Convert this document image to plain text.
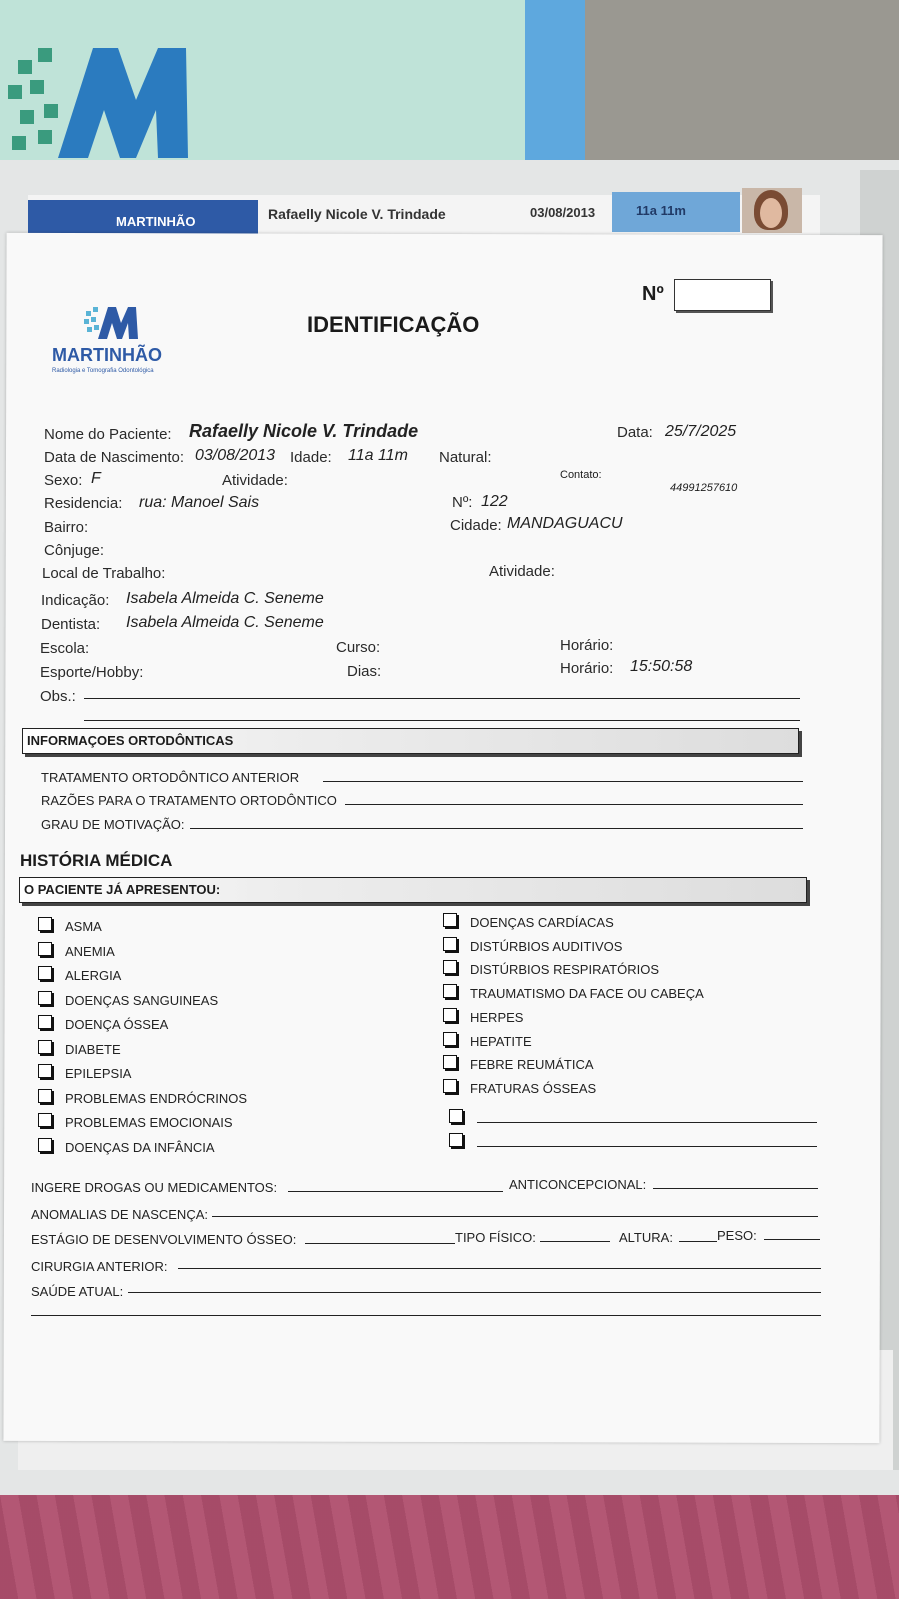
MARTINHÃO	Rafaelly Nicole V. Trindade	03/08/2013	11a 11m
MARTINHÃO
Radiologia e Tomografia Odontológica
IDENTIFICAÇÃO
Nº
Nome do Paciente: Rafaelly Nicole V. Trindade	Data: 25/7/2025
Data de Nascimento: 03/08/2013 Idade: 11a 11m Natural:
Sexo: F	Atividade:	Contato:
44991257610
Residencia: rua: Manoel Sais	Nº: 122
Bairro:	Cidade: MANDAGUACU
Cônjuge:
Local de Trabalho:	Atividade:
Indicação: Isabela Almeida C. Seneme
Dentista: Isabela Almeida C. Seneme
Escola:	Curso:	Horário:
Esporte/Hobby:	Dias:	Horário: 15:50:58
Obs.:
INFORMAÇOES ORTODÔNTICAS
TRATAMENTO ORTODÔNTICO ANTERIOR
RAZÕES PARA O TRATAMENTO ORTODÔNTICO
GRAU DE MOTIVAÇÃO:
HISTÓRIA MÉDICA
O PACIENTE JÁ APRESENTOU:
INGERE DROGAS OU MEDICAMENTOS:	ANTICONCEPCIONAL:
ANOMALIAS DE NASCENÇA:
ESTÁGIO DE DESENVOLVIMENTO ÓSSEO:	TIPO FÍSICO:	ALTURA:	PESO:
CIRURGIA ANTERIOR:
SAÚDE ATUAL:
ASMA
ANEMIA
ALERGIA
DOENÇAS SANGUINEAS
DOENÇA ÓSSEA
DIABETE
EPILEPSIA
PROBLEMAS ENDRÓCRINOS
PROBLEMAS EMOCIONAIS
DOENÇAS DA INFÂNCIA
DOENÇAS CARDÍACAS
DISTÚRBIOS AUDITIVOS
DISTÚRBIOS RESPIRATÓRIOS
TRAUMATISMO DA FACE OU CABEÇA
HERPES
HEPATITE
FEBRE REUMÁTICA
FRATURAS ÓSSEAS
